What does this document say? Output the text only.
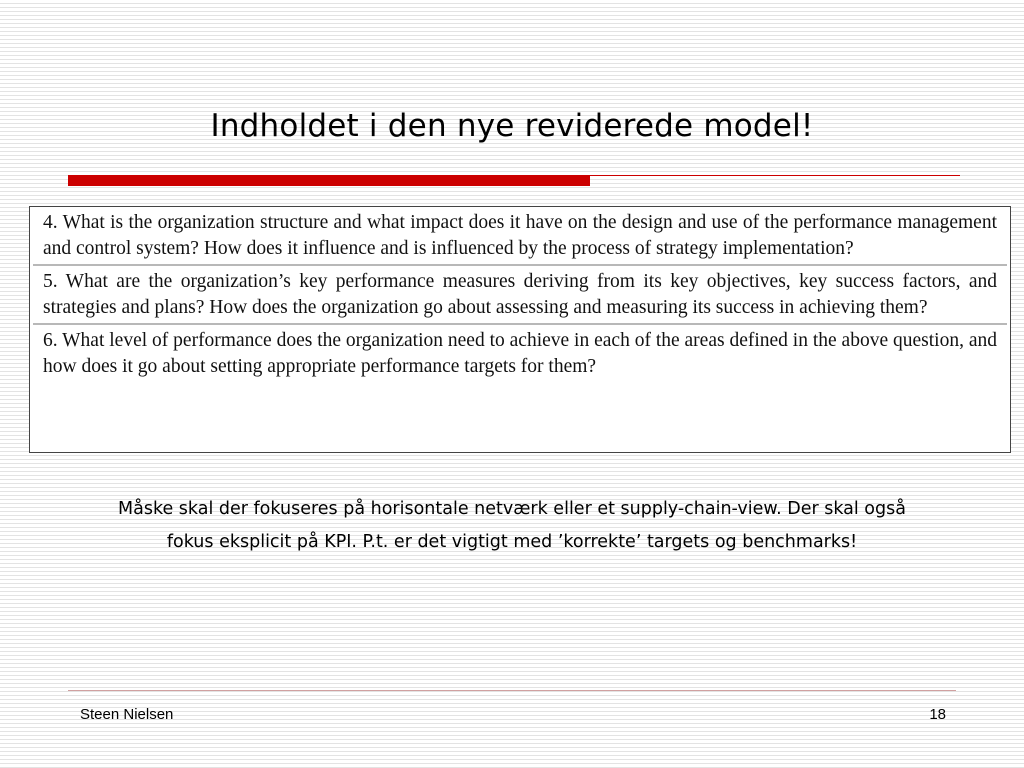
Indholdet i den nye reviderede model!
4. What is the organization structure and what impact does it have on the design and use of the performance management and control system? How does it influence and is influenced by the process of strategy implementation?
5. What are the organization’s key performance measures deriving from its key objectives, key success factors, and strategies and plans? How does the organization go about assessing and measuring its success in achieving them?
6. What level of performance does the organization need to achieve in each of the areas defined in the above question, and how does it go about setting appropriate performance targets for them?
Måske skal der fokuseres på horisontale netværk eller et supply-chain-view. Der skal også
fokus eksplicit på KPI. P.t. er det vigtigt med ’korrekte’ targets og benchmarks!
Steen Nielsen	18
